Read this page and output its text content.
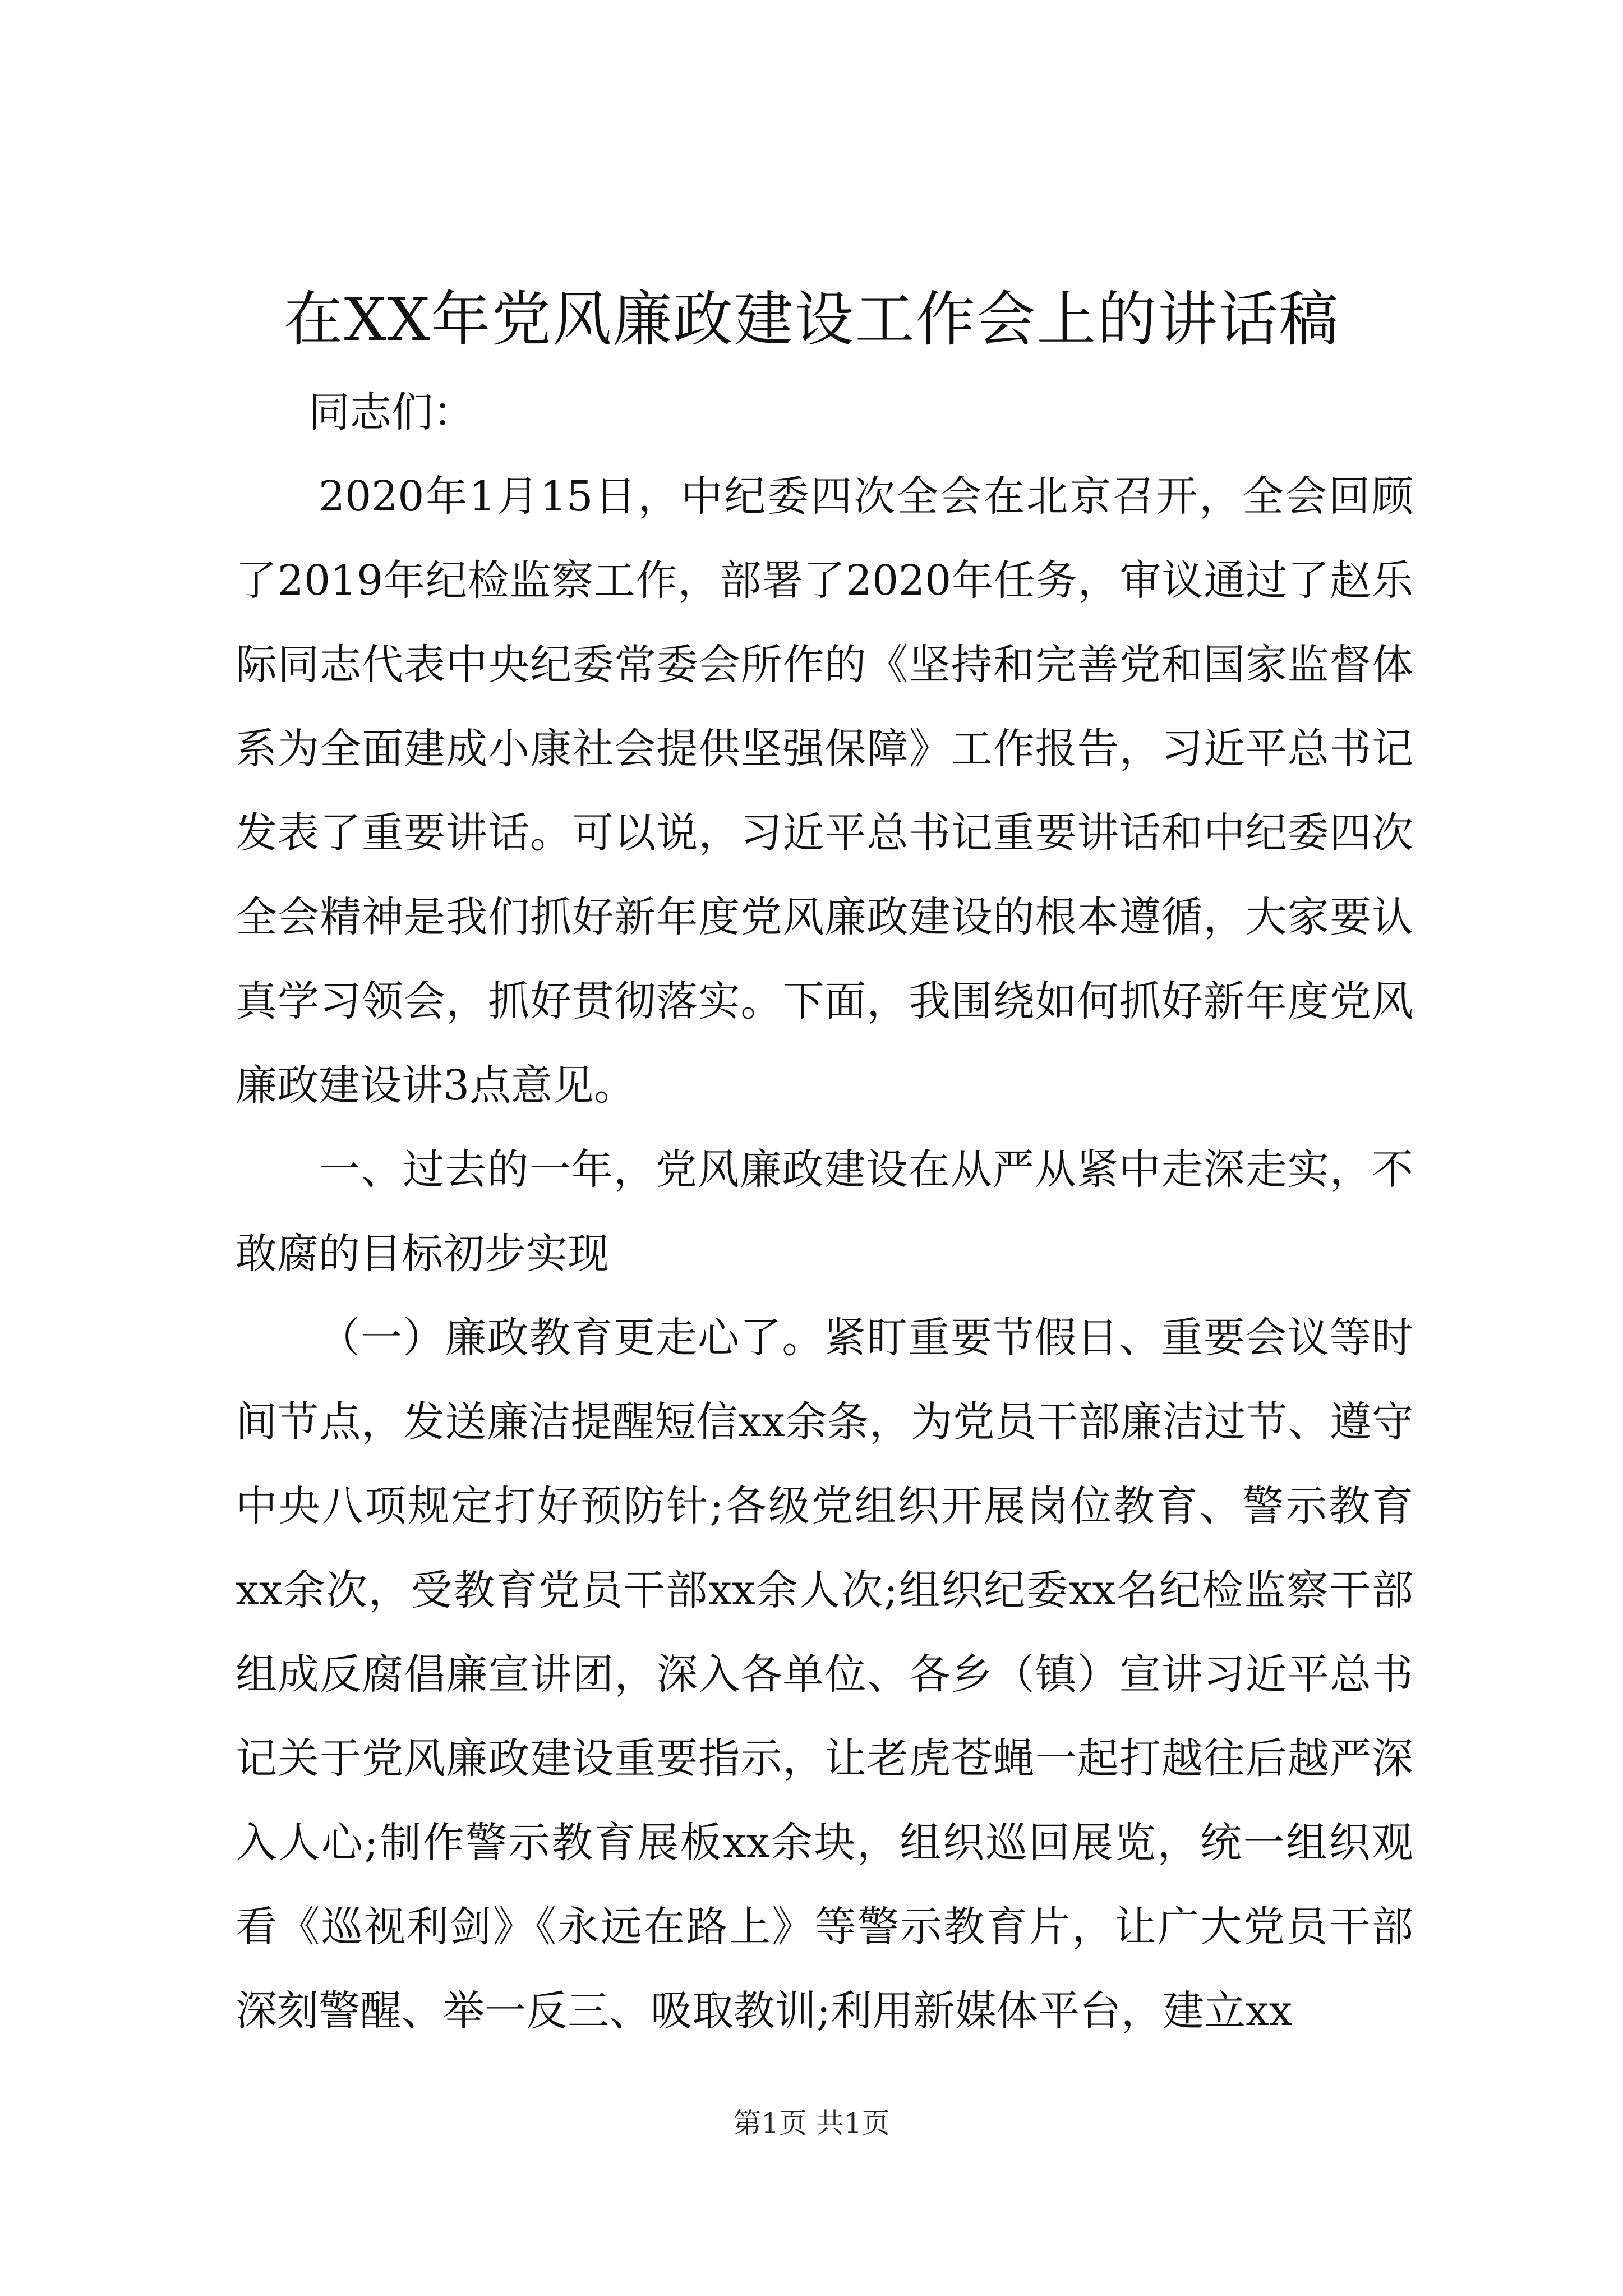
在XX年党风廉政建设工作会上的讲话稿

同志们：

2020年1月15日，中纪委四次全会在北京召开，全会回顾了2019年纪检监察工作，部署了2020年任务，审议通过了赵乐际同志代表中央纪委常委会所作的《坚持和完善党和国家监督体系为全面建成小康社会提供坚强保障》工作报告，习近平总书记发表了重要讲话。可以说，习近平总书记重要讲话和中纪委四次全会精神是我们抓好新年度党风廉政建设的根本遵循，大家要认真学习领会，抓好贯彻落实。下面，我围绕如何抓好新年度党风廉政建设讲3点意见。

一、过去的一年，党风廉政建设在从严从紧中走深走实，不敢腐的目标初步实现

（一）廉政教育更走心了。紧盯重要节假日、重要会议等时间节点，发送廉洁提醒短信xx余条，为党员干部廉洁过节、遵守中央八项规定打好预防针;各级党组织开展岗位教育、警示教育xx余次，受教育党员干部xx余人次;组织纪委xx名纪检监察干部组成反腐倡廉宣讲团，深入各单位、各乡（镇）宣讲习近平总书记关于党风廉政建设重要指示，让老虎苍蝇一起打越往后越严深入人心;制作警示教育展板xx余块，组织巡回展览，统一组织观看《巡视利剑》《永远在路上》等警示教育片，让广大党员干部深刻警醒、举一反三、吸取教训;利用新媒体平台，建立xx

第1页 共1页
